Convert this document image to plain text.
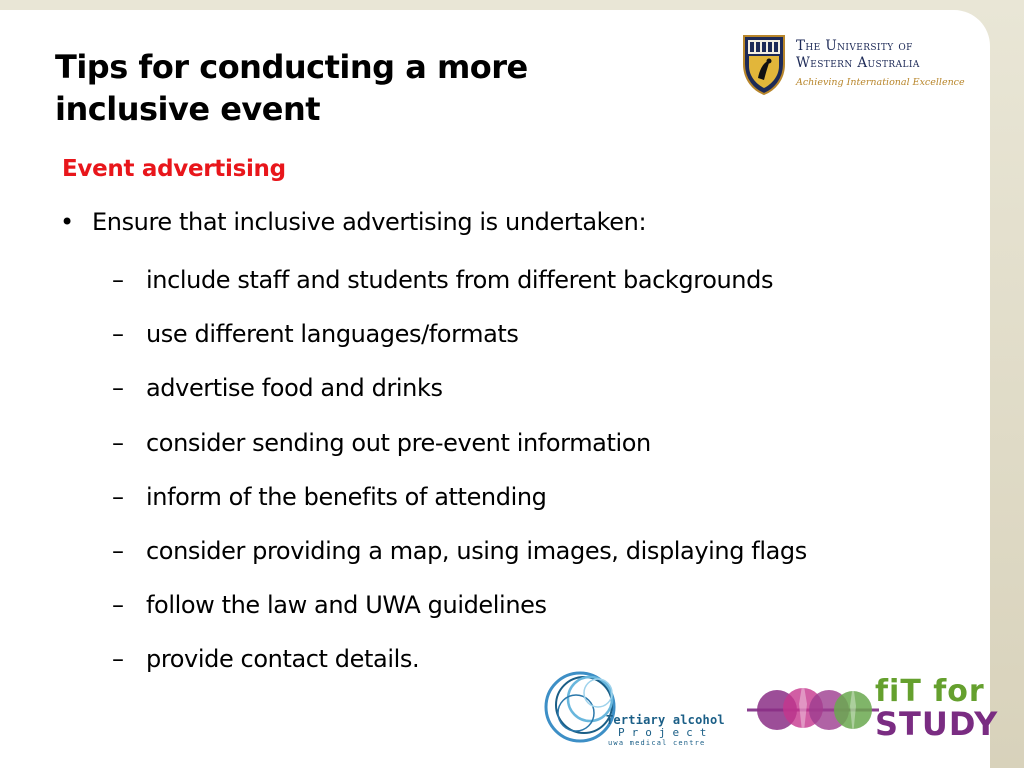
Tips for conducting a more
inclusive event
Event advertising
• Ensure that inclusive advertising is undertaken:
– include staff and students from different backgrounds
– use different languages/formats
– advertise food and drinks
– consider sending out pre-event information
– inform of the benefits of attending
– consider providing a map, using images, displaying flags
– follow the law and UWA guidelines
– provide contact details.
The University of
Western Australia
Achieving International Excellence
Tertiary alcohol
Project
uwa medical centre
fiT for
STUDY
